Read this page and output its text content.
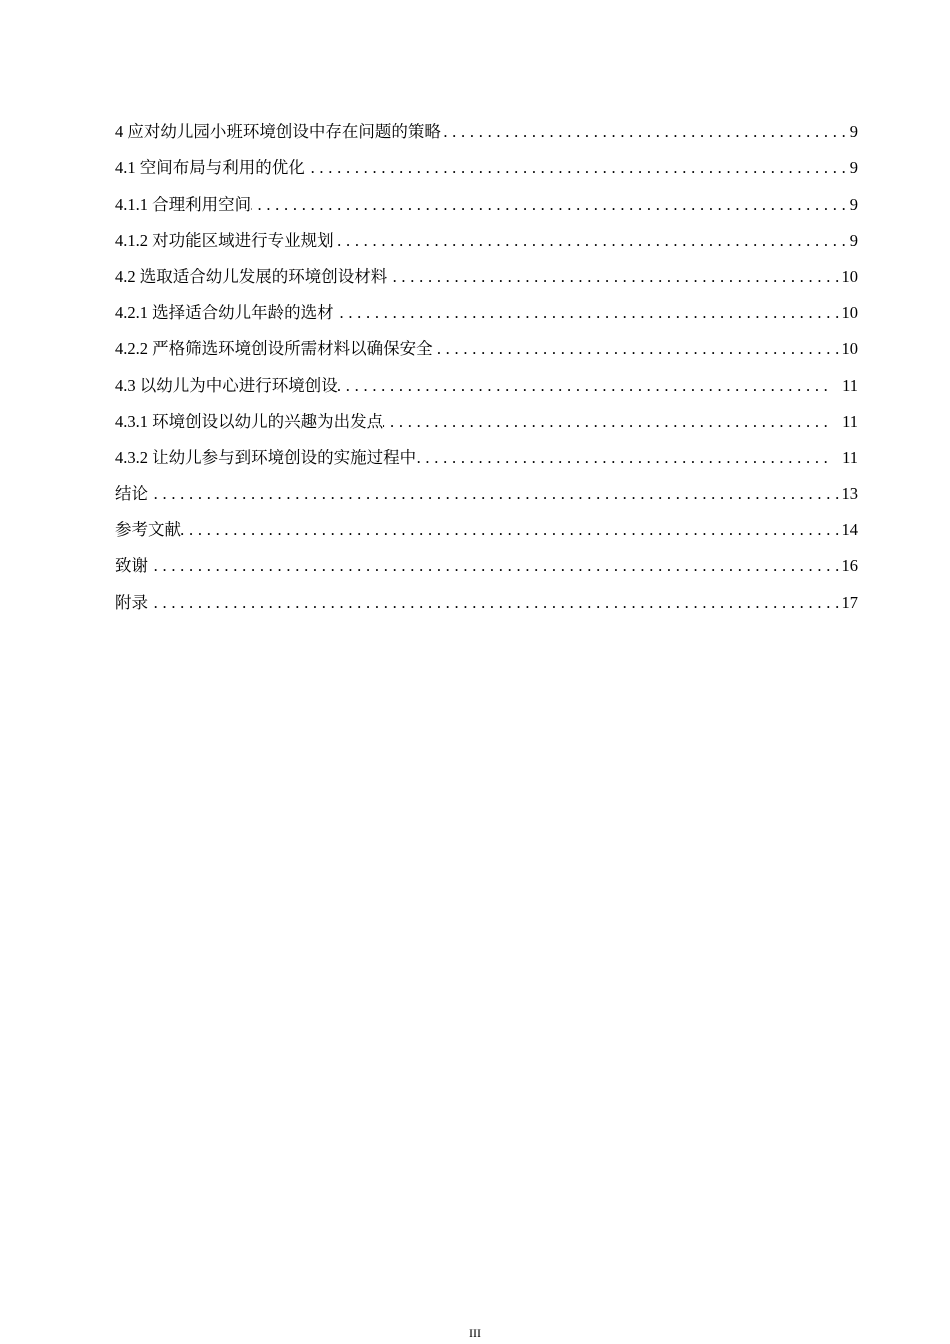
4 应对幼儿园小班环境创设中存在问题的策略 . . .	9
4.1 空间布局与利用的优化 . . .	9
4.1.1 合理利用空间 . . .	9
4.1.2 对功能区域进行专业规划 . . .	9
4.2 选取适合幼儿发展的环境创设材料 . . .	10
4.2.1 选择适合幼儿年龄的选材 . . .	10
4.2.2 严格筛选环境创设所需材料以确保安全 . . .	10
4.3 以幼儿为中心进行环境创设 . . .	11
4.3.1 环境创设以幼儿的兴趣为出发点 . . .	11
4.3.2 让幼儿参与到环境创设的实施过程中 . . .	11
结论 . . .	13
参考文献 . . .	14
致谢 . . .	16
附录 . . .	17
III
